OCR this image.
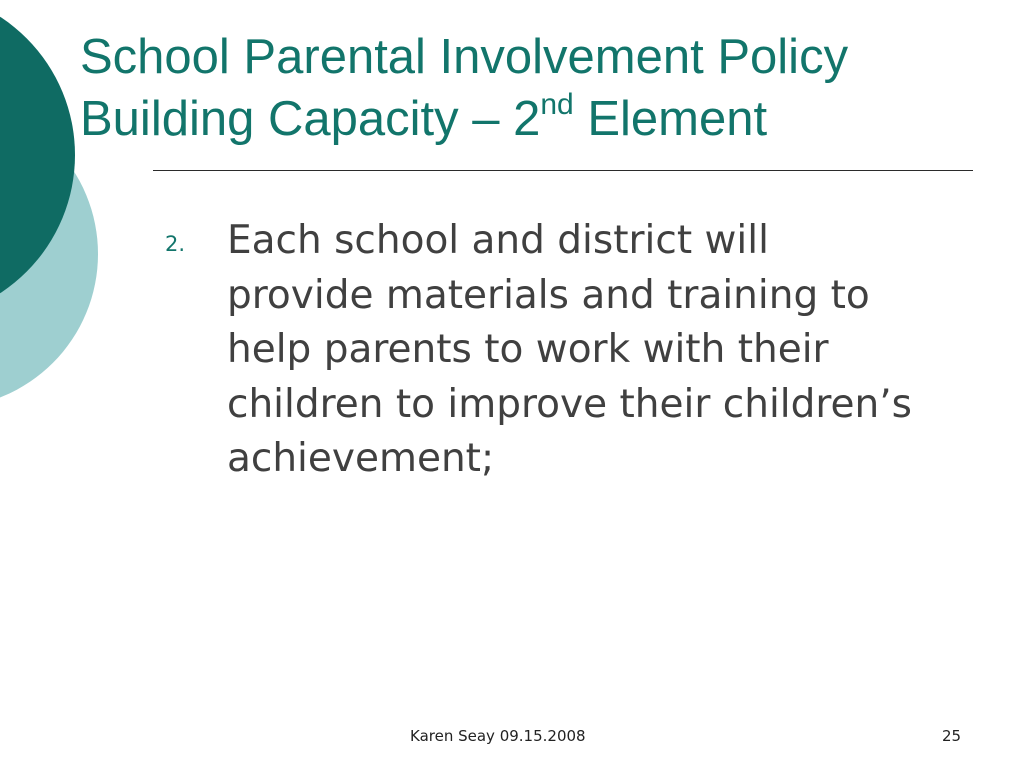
School Parental Involvement Policy
Building Capacity – 2nd Element
2. Each school and district will provide materials and training to help parents to work with their children to improve their children’s achievement;

Karen Seay 09.15.2008	25
